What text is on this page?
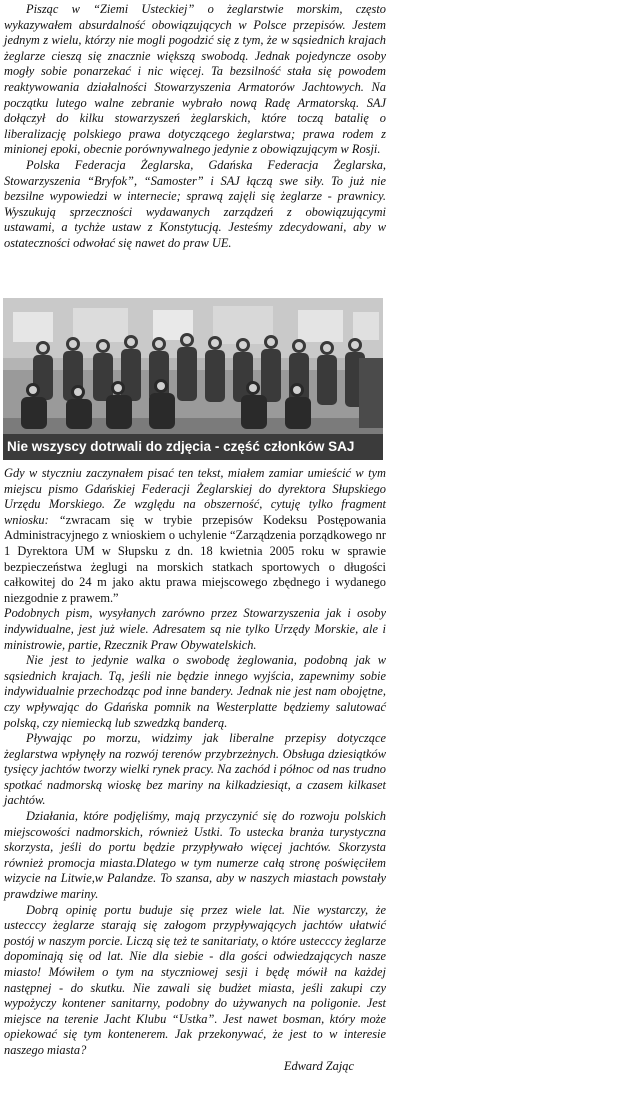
Pisząc w “Ziemi Usteckiej” o żeglarstwie morskim, często wykazywałem absurdalność obowiązujących w Polsce przepisów. Jestem jednym z wielu, którzy nie mogli pogodzić się z tym, że w sąsiednich krajach żeglarze cieszą się znacznie większą swobodą. Jednak pojedyncze osoby mogły sobie ponarzekać i nic więcej. Ta bezsilność stała się powodem reaktywowania działalności Stowarzyszenia Armatorów Jachtowych. Na początku lutego walne zebranie wybrało nową Radę Armatorską. SAJ dołączył do kilku stowarzyszeń żeglarskich, które toczą batalię o liberalizację polskiego prawa dotyczącego żeglarstwa; prawa rodem z minionej epoki, obecnie porównywalnego jedynie z obowiązującym w Rosji.

Polska Federacja Żeglarska, Gdańska Federacja Żeglarska, Stowarzyszenia “Bryfok”, “Samoster” i SAJ łączą swe siły. To już nie bezsilne wypowiedzi w internecie; sprawą zajęli się żeglarze - prawnicy. Wyszukują sprzeczności wydawanych zarządzeń z obowiązującymi ustawami, a tychże ustaw z Konstytucją. Jesteśmy zdecydowani, aby w ostateczności odwołać się nawet do praw UE.

Nie wszyscy dotrwali do zdjęcia - część członków SAJ

Gdy w styczniu zaczynałem pisać ten tekst, miałem zamiar umieścić w tym miejscu pismo Gdańskiej Federacji Żeglarskiej do dyrektora Słupskiego Urzędu Morskiego. Ze względu na obszerność, cytuję tylko fragment wniosku: “zwracam się w trybie przepisów Kodeksu Postępowania Administracyjnego z wnioskiem o uchylenie “Zarządzenia porządkowego nr 1 Dyrektora UM w Słupsku z dn. 18 kwietnia 2005 roku w sprawie bezpieczeństwa żeglugi na morskich statkach sportowych o długości całkowitej do 24 m jako aktu prawa miejscowego zbędnego i wydanego niezgodnie z prawem.”

Podobnych pism, wysyłanych zarówno przez Stowarzyszenia jak i osoby indywidualne, jest już wiele. Adresatem są nie tylko Urzędy Morskie, ale i ministrowie, partie, Rzecznik Praw Obywatelskich.

Nie jest to jedynie walka o swobodę żeglowania, podobną jak w sąsiednich krajach. Tą, jeśli nie będzie innego wyjścia, zapewnimy sobie indywidualnie przechodząc pod inne bandery. Jednak nie jest nam obojętne, czy wpływając do Gdańska pomnik na Westerplatte będziemy salutować polską, czy niemiecką lub szwedzką banderą.

Pływając po morzu, widzimy jak liberalne przepisy dotyczące żeglarstwa wpłynęły na rozwój terenów przybrzeżnych. Obsługa dziesiątków tysięcy jachtów tworzy wielki rynek pracy. Na zachód i północ od nas trudno spotkać nadmorską wioskę bez mariny na kilkadziesiąt, a czasem kilkaset jachtów.

Działania, które podjęliśmy, mają przyczynić się do rozwoju polskich miejscowości nadmorskich, również Ustki. To ustecka branża turystyczna skorzysta, jeśli do portu będzie przypływało więcej jachtów. Skorzysta również promocja miasta.Dlatego w tym numerze całą stronę poświęciłem wizycie na Litwie,w Palandze. To szansa, aby w naszych miastach powstały prawdziwe mariny.

Dobrą opinię portu buduje się przez wiele lat. Nie wystarczy, że ustecccy żeglarze starają się załogom przypływających jachtów ułatwić postój w naszym porcie. Liczą się też te sanitariaty, o które ustecccy żeglarze dopominają się od lat. Nie dla siebie - dla gości odwiedzających nasze miasto! Mówiłem o tym na styczniowej sesji i będę mówił na każdej następnej - do skutku. Nie zawali się budżet miasta, jeśli zakupi czy wypożyczy kontener sanitarny, podobny do używanych na poligonie. Jest miejsce na terenie Jacht Klubu “Ustka”. Jest nawet bosman, który może opiekować się tym kontenerem. Jak przekonywać, że jest to w interesie naszego miasta?

Edward Zając
